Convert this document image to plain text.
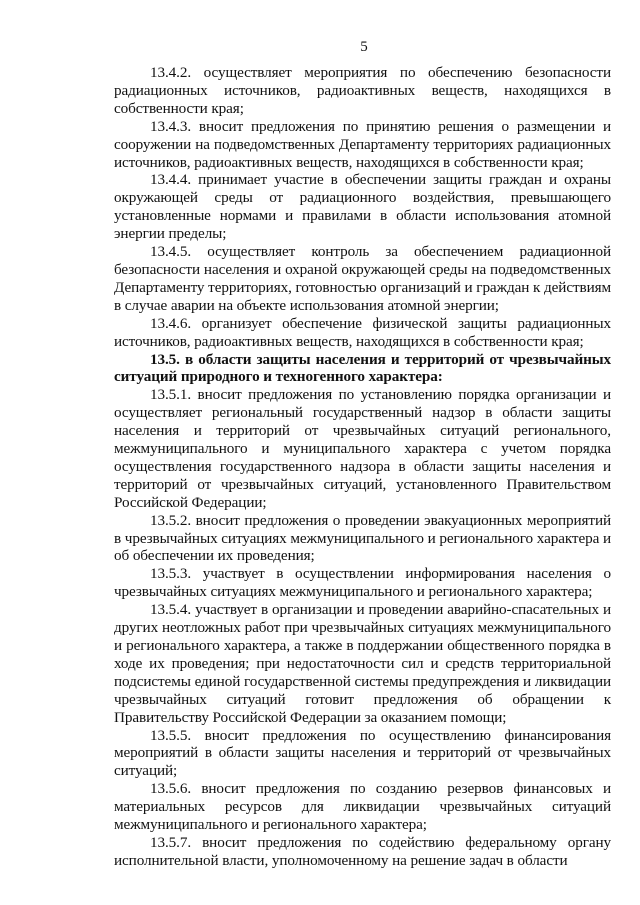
5

13.4.2. осуществляет мероприятия по обеспечению безопасности радиационных источников, радиоактивных веществ, находящихся в собственности края;

13.4.3. вносит предложения по принятию решения о размещении и сооружении на подведомственных Департаменту территориях радиационных источников, радиоактивных веществ, находящихся в собственности края;

13.4.4. принимает участие в обеспечении защиты граждан и охраны окружающей среды от радиационного воздействия, превышающего установленные нормами и правилами в области использования атомной энергии пределы;

13.4.5. осуществляет контроль за обеспечением радиационной безопасности населения и охраной окружающей среды на подведомственных Департаменту территориях, готовностью организаций и граждан к действиям в случае аварии на объекте использования атомной энергии;

13.4.6. организует обеспечение физической защиты радиационных источников, радиоактивных веществ, находящихся в собственности края;

13.5. в области защиты населения и территорий от чрезвычайных ситуаций природного и техногенного характера:

13.5.1. вносит предложения по установлению порядка организации и осуществляет региональный государственный надзор в области защиты населения и территорий от чрезвычайных ситуаций регионального, межмуниципального и муниципального характера с учетом порядка осуществления государственного надзора в области защиты населения и территорий от чрезвычайных ситуаций, установленного Правительством Российской Федерации;

13.5.2. вносит предложения о проведении эвакуационных мероприятий в чрезвычайных ситуациях межмуниципального и регионального характера и об обеспечении их проведения;

13.5.3. участвует в осуществлении информирования населения о чрезвычайных ситуациях межмуниципального и регионального характера;

13.5.4. участвует в организации и проведении аварийно-спасательных и других неотложных работ при чрезвычайных ситуациях межмуниципального и регионального характера, а также в поддержании общественного порядка в ходе их проведения; при недостаточности сил и средств территориальной подсистемы единой государственной системы предупреждения и ликвидации чрезвычайных ситуаций готовит предложения об обращении к Правительству Российской Федерации за оказанием помощи;

13.5.5. вносит предложения по осуществлению финансирования мероприятий в области защиты населения и территорий от чрезвычайных ситуаций;

13.5.6. вносит предложения по созданию резервов финансовых и материальных ресурсов для ликвидации чрезвычайных ситуаций межмуниципального и регионального характера;

13.5.7. вносит предложения по содействию федеральному органу исполнительной власти, уполномоченному на решение задач в области
